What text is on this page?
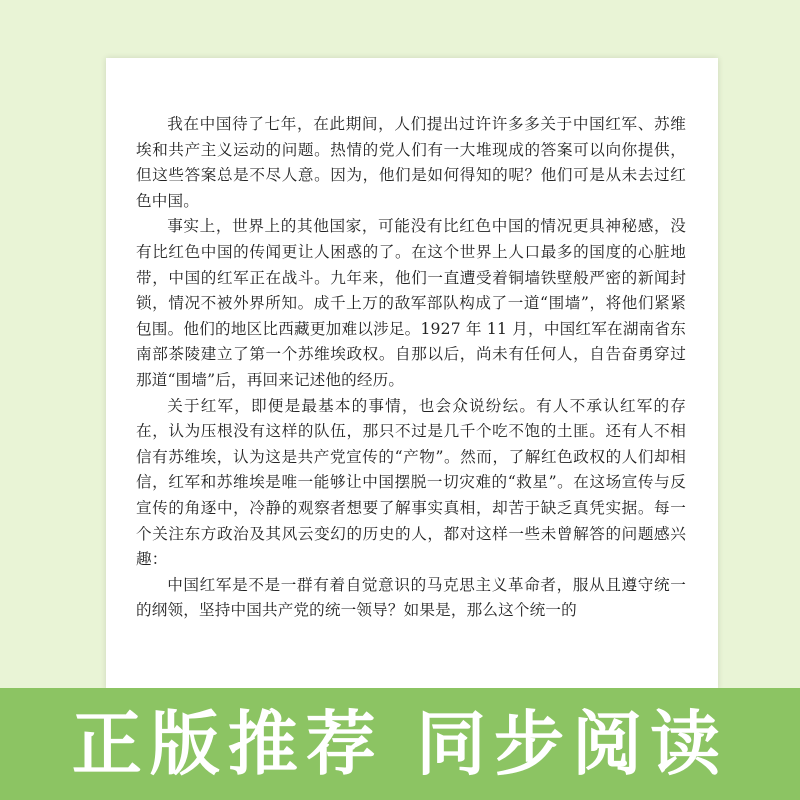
我在中国待了七年，在此期间，人们提出过许许多多关于中国红军、苏维埃和共产主义运动的问题。热情的党人们有一大堆现成的答案可以向你提供，但这些答案总是不尽人意。因为，他们是如何得知的呢？他们可是从未去过红色中国。

事实上，世界上的其他国家，可能没有比红色中国的情况更具神秘感，没有比红色中国的传闻更让人困惑的了。在这个世界上人口最多的国度的心脏地带，中国的红军正在战斗。九年来，他们一直遭受着铜墙铁壁般严密的新闻封锁，情况不被外界所知。成千上万的敌军部队构成了一道“围墙”，将他们紧紧包围。他们的地区比西藏更加难以涉足。1927 年 11 月，中国红军在湖南省东南部茶陵建立了第一个苏维埃政权。自那以后，尚未有任何人，自告奋勇穿过那道“围墙”后，再回来记述他的经历。

关于红军，即便是最基本的事情，也会众说纷纭。有人不承认红军的存在，认为压根没有这样的队伍，那只不过是几千个吃不饱的土匪。还有人不相信有苏维埃，认为这是共产党宣传的“产物”。然而，了解红色政权的人们却相信，红军和苏维埃是唯一能够让中国摆脱一切灾难的“救星”。在这场宣传与反宣传的角逐中，冷静的观察者想要了解事实真相，却苦于缺乏真凭实据。每一个关注东方政治及其风云变幻的历史的人，都对这样一些未曾解答的问题感兴趣：

中国红军是不是一群有着自觉意识的马克思主义革命者，服从且遵守统一的纲领，坚持中国共产党的统一领导？如果是，那么这个统一的

正版推荐 同步阅读
